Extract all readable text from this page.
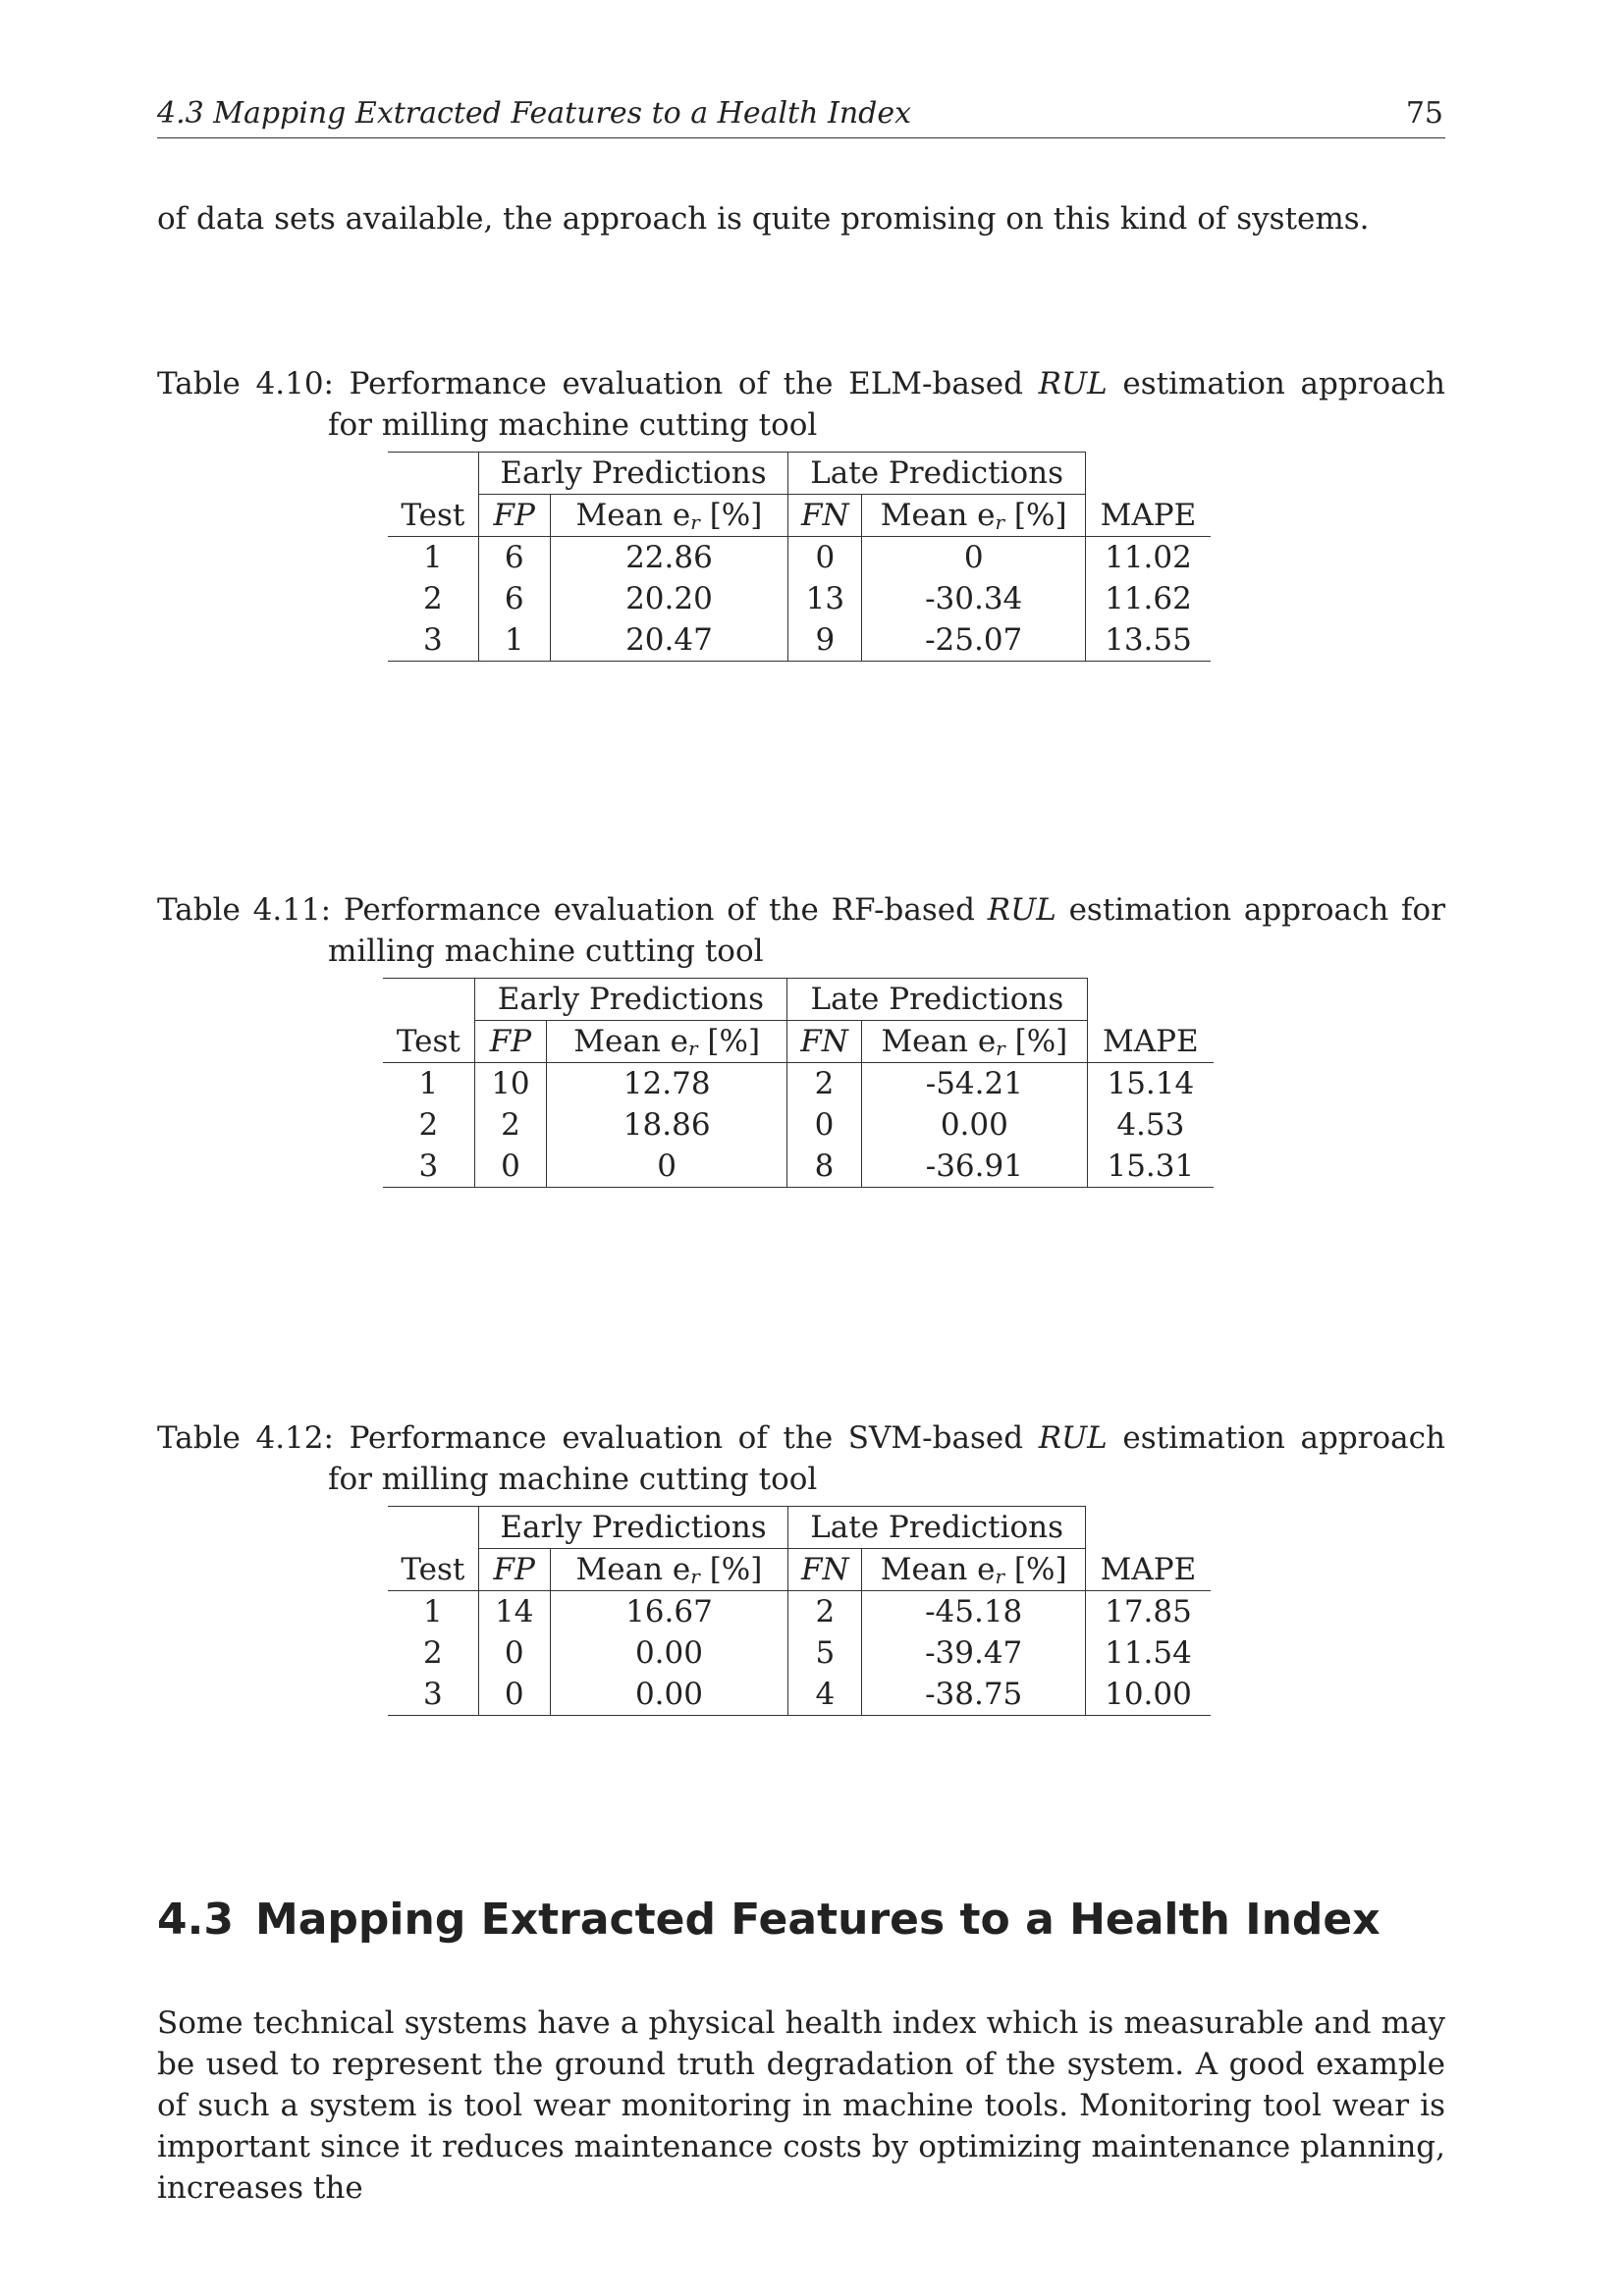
4.3 Mapping Extracted Features to a Health Index	75
of data sets available, the approach is quite promising on this kind of systems.
Table 4.10: Performance evaluation of the ELM-based RUL estimation approach for milling machine cutting tool
	Early Predictions		Late Predictions		
Test	FP	Mean $e_r$ [%]	FN	Mean $e_r$ [%]	MAPE
1	6	22.86	0	0	11.02
2	6	20.20	13	-30.34	11.62
3	1	20.47	9	-25.07	13.55
Table 4.11: Performance evaluation of the RF-based RUL estimation approach for milling machine cutting tool
	Early Predictions		Late Predictions		
Test	FP	Mean $e_r$ [%]	FN	Mean $e_r$ [%]	MAPE
1	10	12.78	2	-54.21	15.14
2	2	18.86	0	0.00	4.53
3	0	0	8	-36.91	15.31
Table 4.12: Performance evaluation of the SVM-based RUL estimation approach for milling machine cutting tool
	Early Predictions		Late Predictions		
Test	FP	Mean $e_r$ [%]	FN	Mean $e_r$ [%]	MAPE
1	14	16.67	2	-45.18	17.85
2	0	0.00	5	-39.47	11.54
3	0	0.00	4	-38.75	10.00
4.3 Mapping Extracted Features to a Health Index
Some technical systems have a physical health index which is measurable and may be used to represent the ground truth degradation of the system. A good example of such a system is tool wear monitoring in machine tools. Monitoring tool wear is important since it reduces maintenance costs by optimizing maintenance planning, increases the
